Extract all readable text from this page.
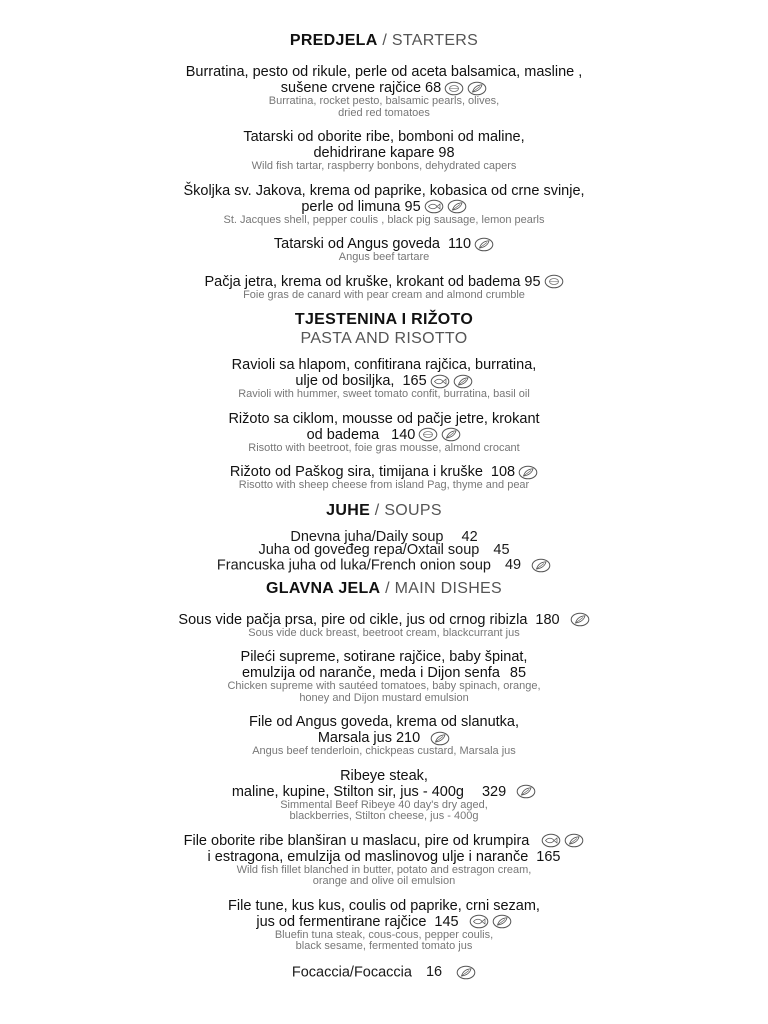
PREDJELA / STARTERS
Burratina, pesto od rikule, perle od aceta balsamica, masline ,
sušene crvene rajčice 68
Burratina, rocket pesto, balsamic pearls, olives,
dried red tomatoes
Tatarski od oborite ribe, bomboni od maline,
dehidrirane kapare 98
Wild fish tartar, raspberry bonbons, dehydrated capers
Školjka sv. Jakova, krema od paprike, kobasica od crne svinje,
perle od limuna 95
St. Jacques shell, pepper coulis , black pig sausage, lemon pearls
Tatarski od Angus goveda 110
Angus beef tartare
Pačja jetra, krema od kruške, krokant od badema 95
Foie gras de canard with pear cream and almond crumble
TJESTENINA I RIŽOTO
PASTA AND RISOTTO
Ravioli sa hlapom, confitirana rajčica, burratina,
ulje od bosiljka, 165
Ravioli with hummer, sweet tomato confit, burratina, basil oil
Rižoto sa ciklom, mousse od pačje jetre, krokant
od badema 140
Risotto with beetroot, foie gras mousse, almond crocant
Rižoto od Paškog sira, timijana i kruške 108
Risotto with sheep cheese from island Pag, thyme and pear
JUHE / SOUPS
Dnevna juha/Daily soup 42
Juha od goveđeg repa/Oxtail soup 45
Francuska juha od luka/French onion soup 49
GLAVNA JELA / MAIN DISHES
Sous vide pačja prsa, pire od cikle, jus od crnog ribizla 180
Sous vide duck breast, beetroot cream, blackcurrant jus
Pileći supreme, sotirane rajčice, baby špinat,
emulzija od naranče, meda i Dijon senfa 85
Chicken supreme with sautéed tomatoes, baby spinach, orange,
honey and Dijon mustard emulsion
File od Angus goveda, krema od slanutka,
Marsala jus 210
Angus beef tenderloin, chickpeas custard, Marsala jus
Ribeye steak,
maline, kupine, Stilton sir, jus - 400g 329
Simmental Beef Ribeye 40 day's dry aged,
blackberries, Stilton cheese, jus - 400g
File oborite ribe blanširan u maslacu, pire od krumpira
i estragona, emulzija od maslinovog ulje i naranče 165
Wild fish fillet blanched in butter, potato and estragon cream,
orange and olive oil emulsion
File tune, kus kus, coulis od paprike, crni sezam,
jus od fermentirane rajčice 145
Bluefin tuna steak, cous-cous, pepper coulis,
black sesame, fermented tomato jus
Focaccia/Focaccia 16
